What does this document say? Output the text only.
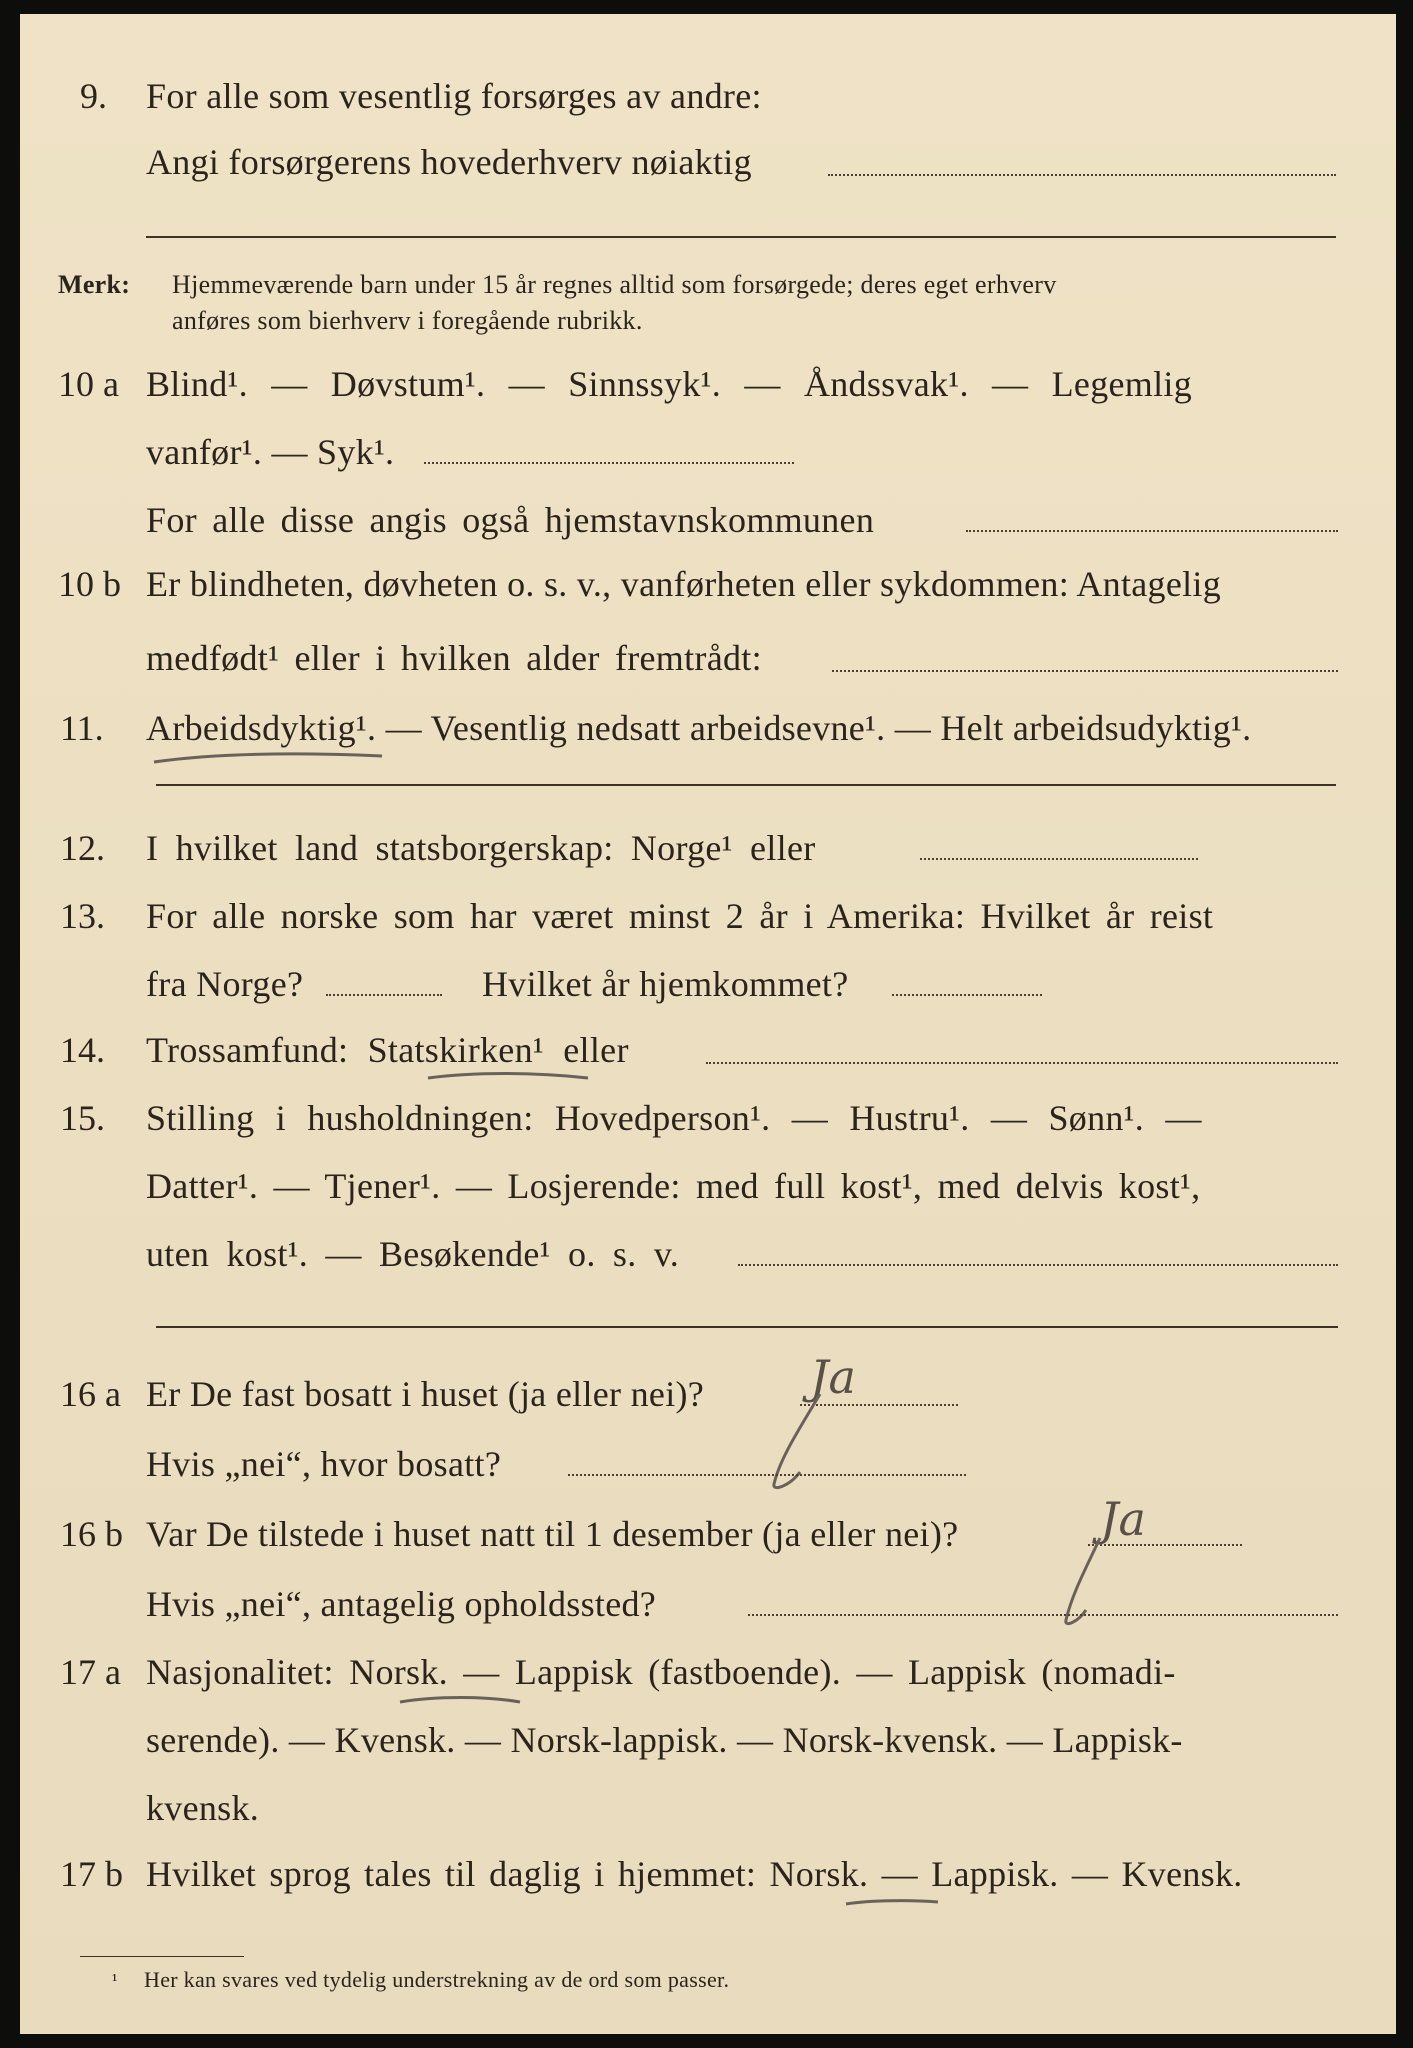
9. For alle som vesentlig forsørges av andre:
Angi forsørgerens hovederhverv nøiaktig
Merk: Hjemmeværende barn under 15 år regnes alltid som forsørgede; deres eget erhverv
anføres som bierhverv i foregående rubrikk.
10 a Blind¹. — Døvstum¹. — Sinnssyk¹. — Åndssvak¹. — Legemlig
vanfør¹. — Syk¹.
For alle disse angis også hjemstavnskommunen
10 b Er blindheten, døvheten o. s. v., vanførheten eller sykdommen: Antagelig
medfødt¹ eller i hvilken alder fremtrådt:
11. Arbeidsdyktig¹. — Vesentlig nedsatt arbeidsevne¹. — Helt arbeidsudyktig¹.
12. I hvilket land statsborgerskap: Norge¹ eller
13. For alle norske som har været minst 2 år i Amerika: Hvilket år reist
fra Norge?	Hvilket år hjemkommet?
14. Trossamfund: Statskirken¹ eller
15. Stilling i husholdningen: Hovedperson¹. — Hustru¹. — Sønn¹. —
Datter¹. — Tjener¹. — Losjerende: med full kost¹, med delvis kost¹,
uten kost¹. — Besøkende¹ o. s. v.
16 a Er De fast bosatt i huset (ja eller nei)? Ja
Hvis „nei“, hvor bosatt?
16 b Var De tilstede i huset natt til 1 desember (ja eller nei)?	Ja
Hvis „nei“, antagelig opholdssted?
17 a Nasjonalitet: Norsk. — Lappisk (fastboende). — Lappisk (nomadi-
serende). — Kvensk. — Norsk-lappisk. — Norsk-kvensk. — Lappisk-
kvensk.
17 b Hvilket sprog tales til daglig i hjemmet: Norsk. — Lappisk. — Kvensk.
¹ Her kan svares ved tydelig understrekning av de ord som passer.
